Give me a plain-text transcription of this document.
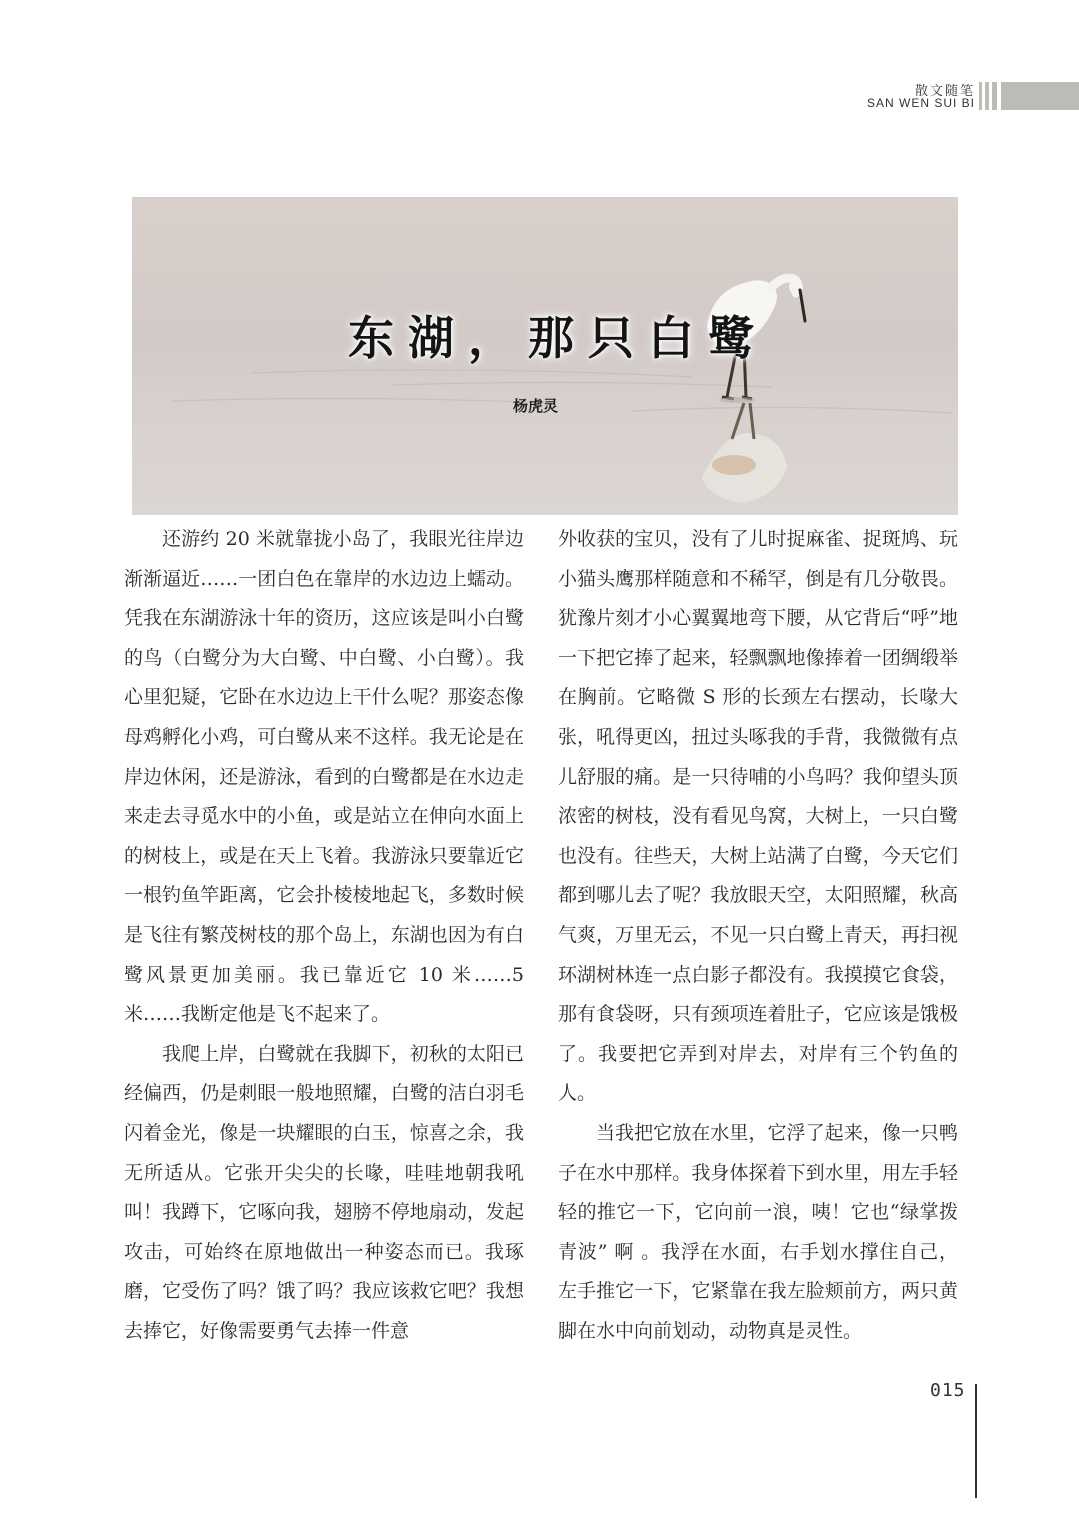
散文随笔
SAN WEN SUI BI
东湖，那只白鹭
杨虎灵

还游约 20 米就靠拢小岛了，我眼光往岸边渐渐逼近……一团白色在靠岸的水边边上蠕动。凭我在东湖游泳十年的资历，这应该是叫小白鹭的鸟（白鹭分为大白鹭、中白鹭、小白鹭）。我心里犯疑，它卧在水边边上干什么呢？那姿态像母鸡孵化小鸡，可白鹭从来不这样。我无论是在岸边休闲，还是游泳，看到的白鹭都是在水边走来走去寻觅水中的小鱼，或是站立在伸向水面上的树枝上，或是在天上飞着。我游泳只要靠近它一根钓鱼竿距离，它会扑棱棱地起飞，多数时候是飞往有繁茂树枝的那个岛上，东湖也因为有白鹭风景更加美丽。我已靠近它 10 米……5 米……我断定他是飞不起来了。

我爬上岸，白鹭就在我脚下，初秋的太阳已经偏西，仍是刺眼一般地照耀，白鹭的洁白羽毛闪着金光，像是一块耀眼的白玉，惊喜之余，我无所适从。它张开尖尖的长喙，哇哇地朝我吼叫！我蹲下，它啄向我，翅膀不停地扇动，发起攻击，可始终在原地做出一种姿态而已。我琢磨，它受伤了吗？饿了吗？我应该救它吧？我想去捧它，好像需要勇气去捧一件意

外收获的宝贝，没有了儿时捉麻雀、捉斑鸠、玩小猫头鹰那样随意和不稀罕，倒是有几分敬畏。犹豫片刻才小心翼翼地弯下腰，从它背后“呼”地一下把它捧了起来，轻飘飘地像捧着一团绸缎举在胸前。它略微 S 形的长颈左右摆动，长喙大张，吼得更凶，扭过头啄我的手背，我微微有点儿舒服的痛。是一只待哺的小鸟吗？我仰望头顶浓密的树枝，没有看见鸟窝，大树上，一只白鹭也没有。往些天，大树上站满了白鹭，今天它们都到哪儿去了呢？我放眼天空，太阳照耀，秋高气爽，万里无云，不见一只白鹭上青天，再扫视环湖树林连一点白影子都没有。我摸摸它食袋，那有食袋呀，只有颈项连着肚子，它应该是饿极了。我要把它弄到对岸去，对岸有三个钓鱼的人。

当我把它放在水里，它浮了起来，像一只鸭子在水中那样。我身体探着下到水里，用左手轻轻的推它一下，它向前一浪，咦！它也“绿掌拨青波” 啊 。我浮在水面，右手划水撑住自己，左手推它一下，它紧靠在我左脸颊前方，两只黄脚在水中向前划动，动物真是灵性。

015
